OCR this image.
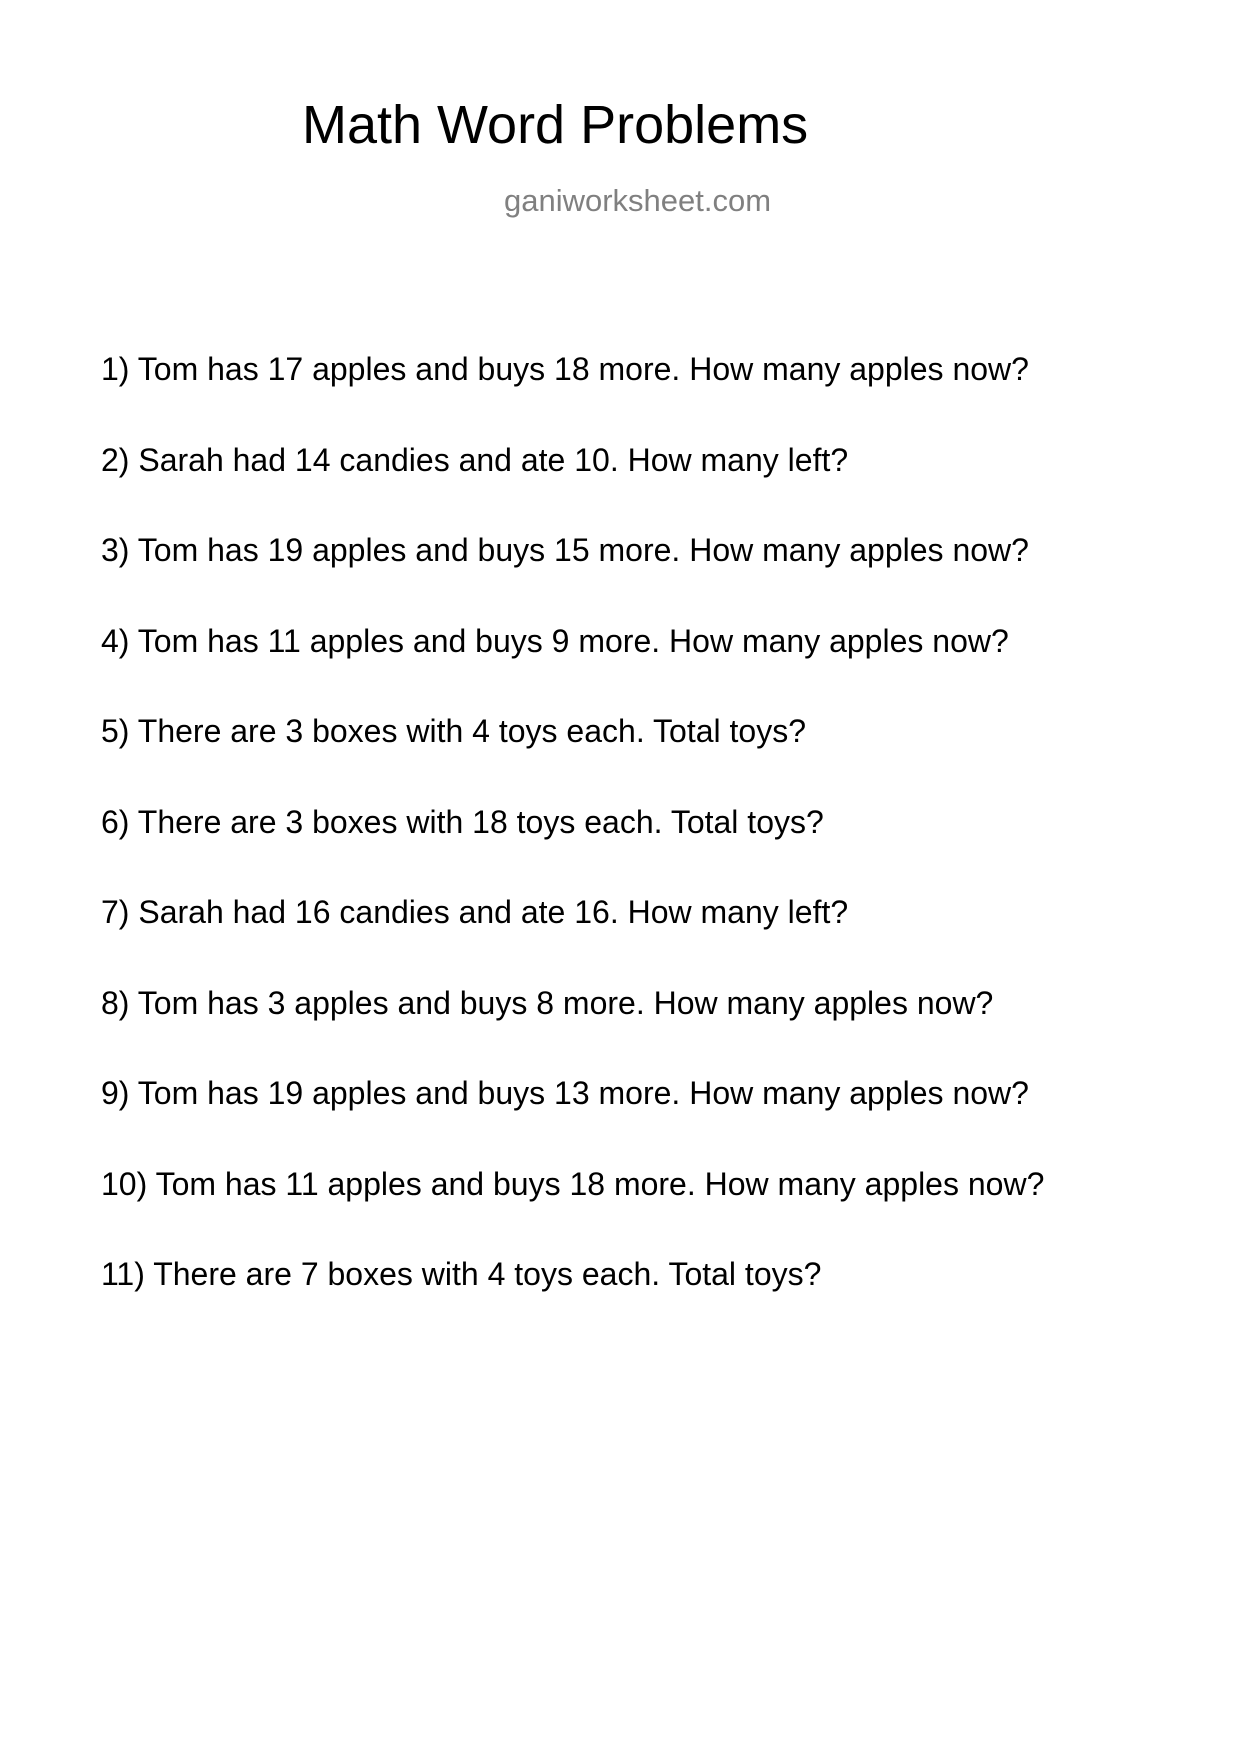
Math Word Problems

ganiworksheet.com

1) Tom has 17 apples and buys 18 more. How many apples now?
2) Sarah had 14 candies and ate 10. How many left?
3) Tom has 19 apples and buys 15 more. How many apples now?
4) Tom has 11 apples and buys 9 more. How many apples now?
5) There are 3 boxes with 4 toys each. Total toys?
6) There are 3 boxes with 18 toys each. Total toys?
7) Sarah had 16 candies and ate 16. How many left?
8) Tom has 3 apples and buys 8 more. How many apples now?
9) Tom has 19 apples and buys 13 more. How many apples now?
10) Tom has 11 apples and buys 18 more. How many apples now?
11) There are 7 boxes with 4 toys each. Total toys?
